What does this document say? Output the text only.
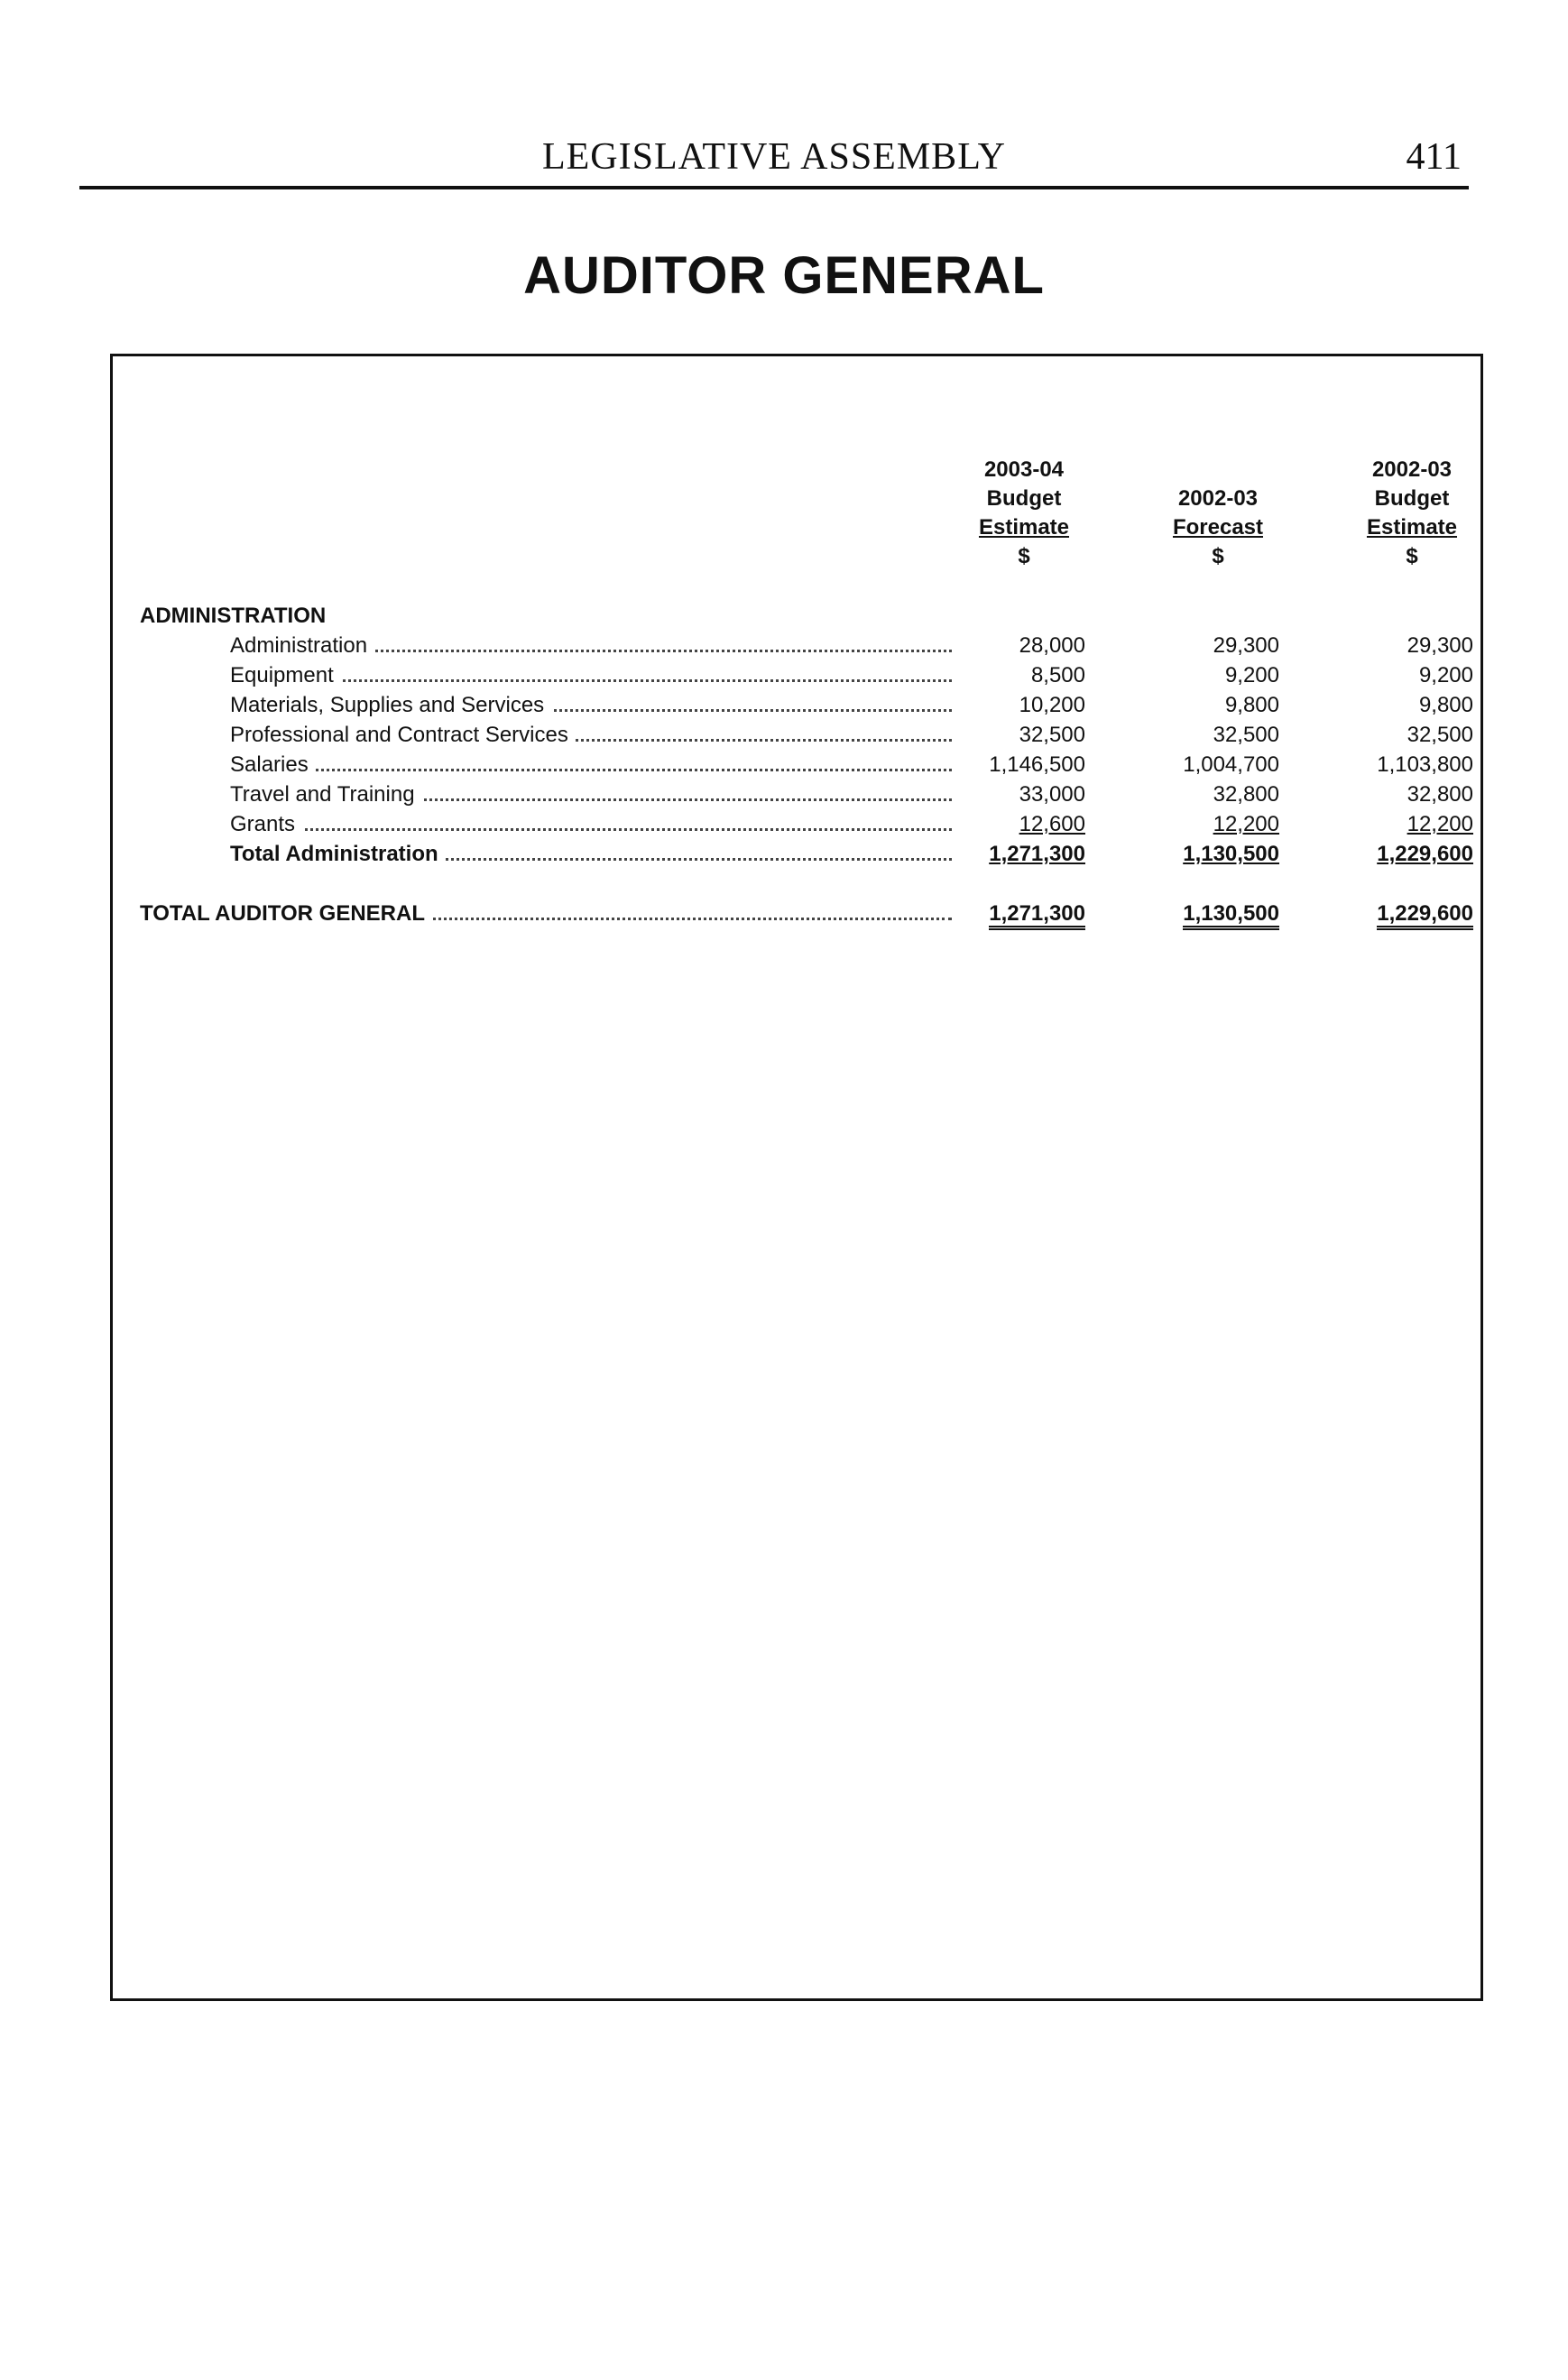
LEGISLATIVE ASSEMBLY	411
AUDITOR GENERAL
2003-04
Budget
Estimate
$
2002-03
Forecast
$
2002-03
Budget
Estimate
$
ADMINISTRATION
Administration	28,000	29,300	29,300
Equipment	8,500	9,200	9,200
Materials, Supplies and Services	10,200	9,800	9,800
Professional and Contract Services	32,500	32,500	32,500
Salaries	1,146,500	1,004,700	1,103,800
Travel and Training	33,000	32,800	32,800
Grants	12,600	12,200	12,200
Total Administration	1,271,300	1,130,500	1,229,600
TOTAL AUDITOR GENERAL	1,271,300	1,130,500	1,229,600
